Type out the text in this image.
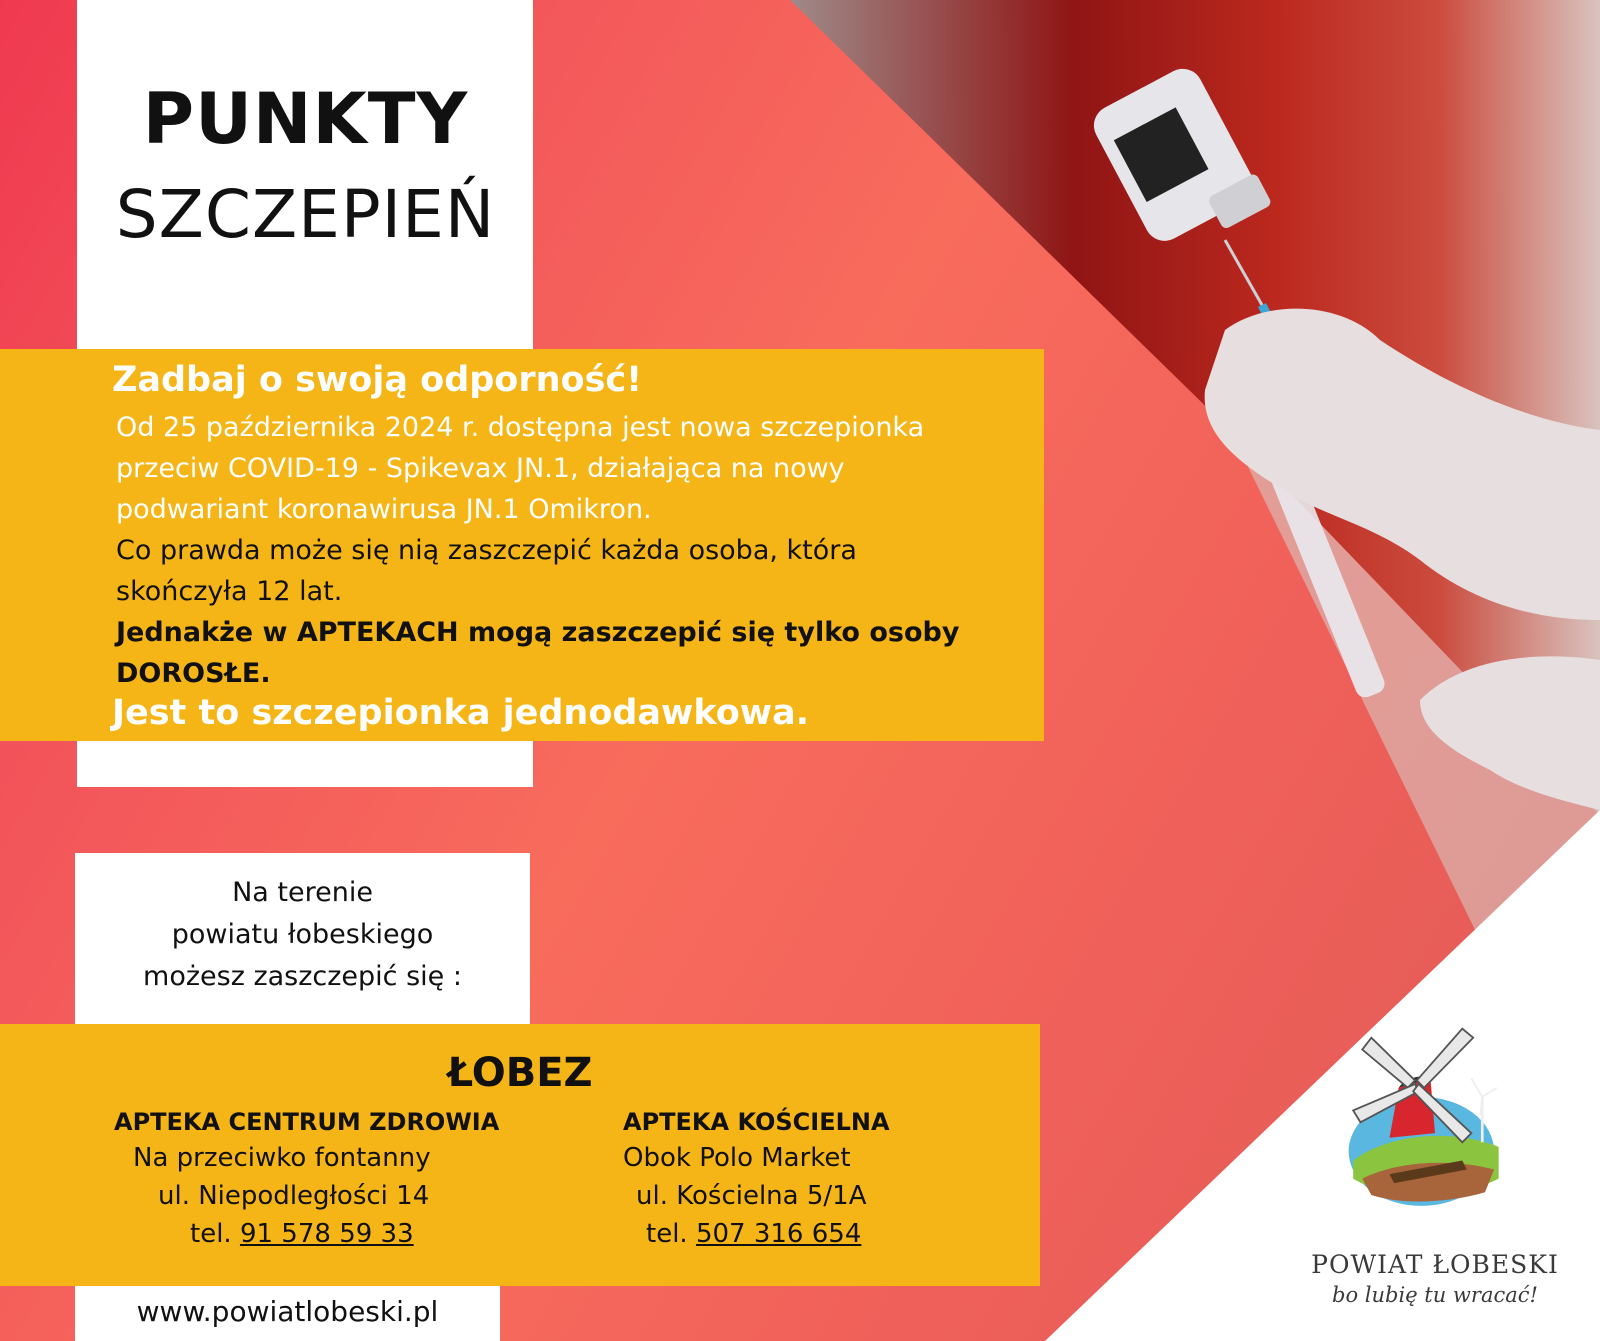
PUNKTY
SZCZEPIEŃ
Zadbaj o swoją odporność!
Od 25 października 2024 r. dostępna jest nowa szczepionka
przeciw COVID-19 - Spikevax JN.1, działająca na nowy
podwariant koronawirusa JN.1 Omikron.
Co prawda może się nią zaszczepić każda osoba, która
skończyła 12 lat.
Jednakże w APTEKACH mogą zaszczepić się tylko osoby
DOROSŁE.
Jest to szczepionka jednodawkowa.
Na terenie
powiatu łobeskiego
możesz zaszczepić się :
ŁOBEZ
APTEKA CENTRUM ZDROWIA
Na przeciwko fontanny
ul. Niepodległości 14
tel. 91 578 59 33
APTEKA KOŚCIELNA
Obok Polo Market
ul. Kościelna 5/1A
tel. 507 316 654
www.powiatlobeski.pl
POWIAT ŁOBESKI
bo lubię tu wracać!
